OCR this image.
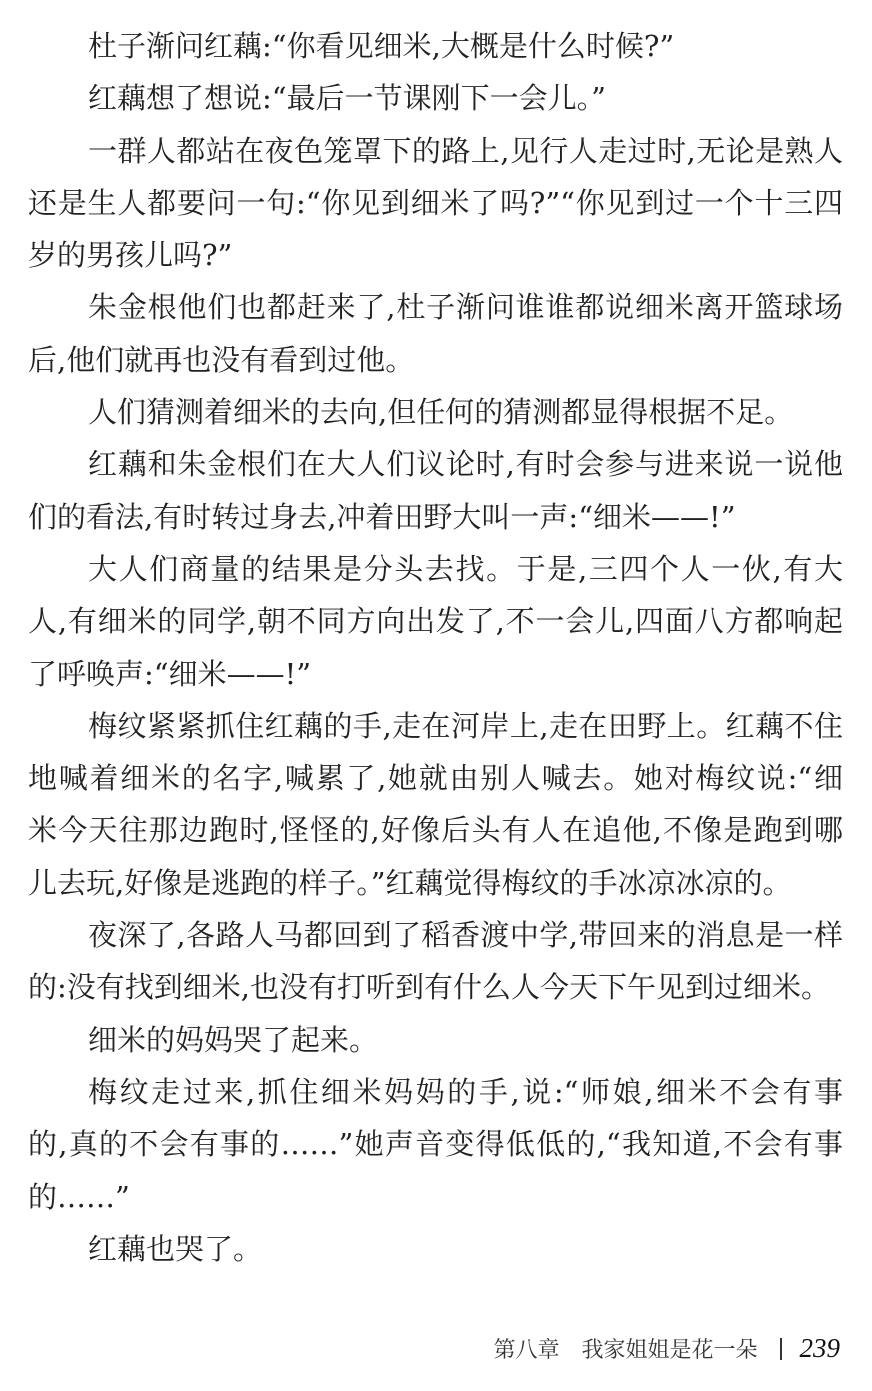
杜子渐问红藕:“你看见细米,大概是什么时候?”
红藕想了想说:“最后一节课刚下一会儿。”
一群人都站在夜色笼罩下的路上,见行人走过时,无论是熟人
还是生人都要问一句:“你见到细米了吗?”“你见到过一个十三四
岁的男孩儿吗?”
朱金根他们也都赶来了,杜子渐问谁谁都说细米离开篮球场
后,他们就再也没有看到过他。
人们猜测着细米的去向,但任何的猜测都显得根据不足。
红藕和朱金根们在大人们议论时,有时会参与进来说一说他
们的看法,有时转过身去,冲着田野大叫一声:“细米——!”
大人们商量的结果是分头去找。于是,三四个人一伙,有大
人,有细米的同学,朝不同方向出发了,不一会儿,四面八方都响起
了呼唤声:“细米——!”
梅纹紧紧抓住红藕的手,走在河岸上,走在田野上。红藕不住
地喊着细米的名字,喊累了,她就由别人喊去。她对梅纹说:“细
米今天往那边跑时,怪怪的,好像后头有人在追他,不像是跑到哪
儿去玩,好像是逃跑的样子。”红藕觉得梅纹的手冰凉冰凉的。
夜深了,各路人马都回到了稻香渡中学,带回来的消息是一样
的:没有找到细米,也没有打听到有什么人今天下午见到过细米。
细米的妈妈哭了起来。
梅纹走过来,抓住细米妈妈的手,说:“师娘,细米不会有事
的,真的不会有事的……”她声音变得低低的,“我知道,不会有事
的……”
红藕也哭了。
第八章 我家姐姐是花一朵 239
